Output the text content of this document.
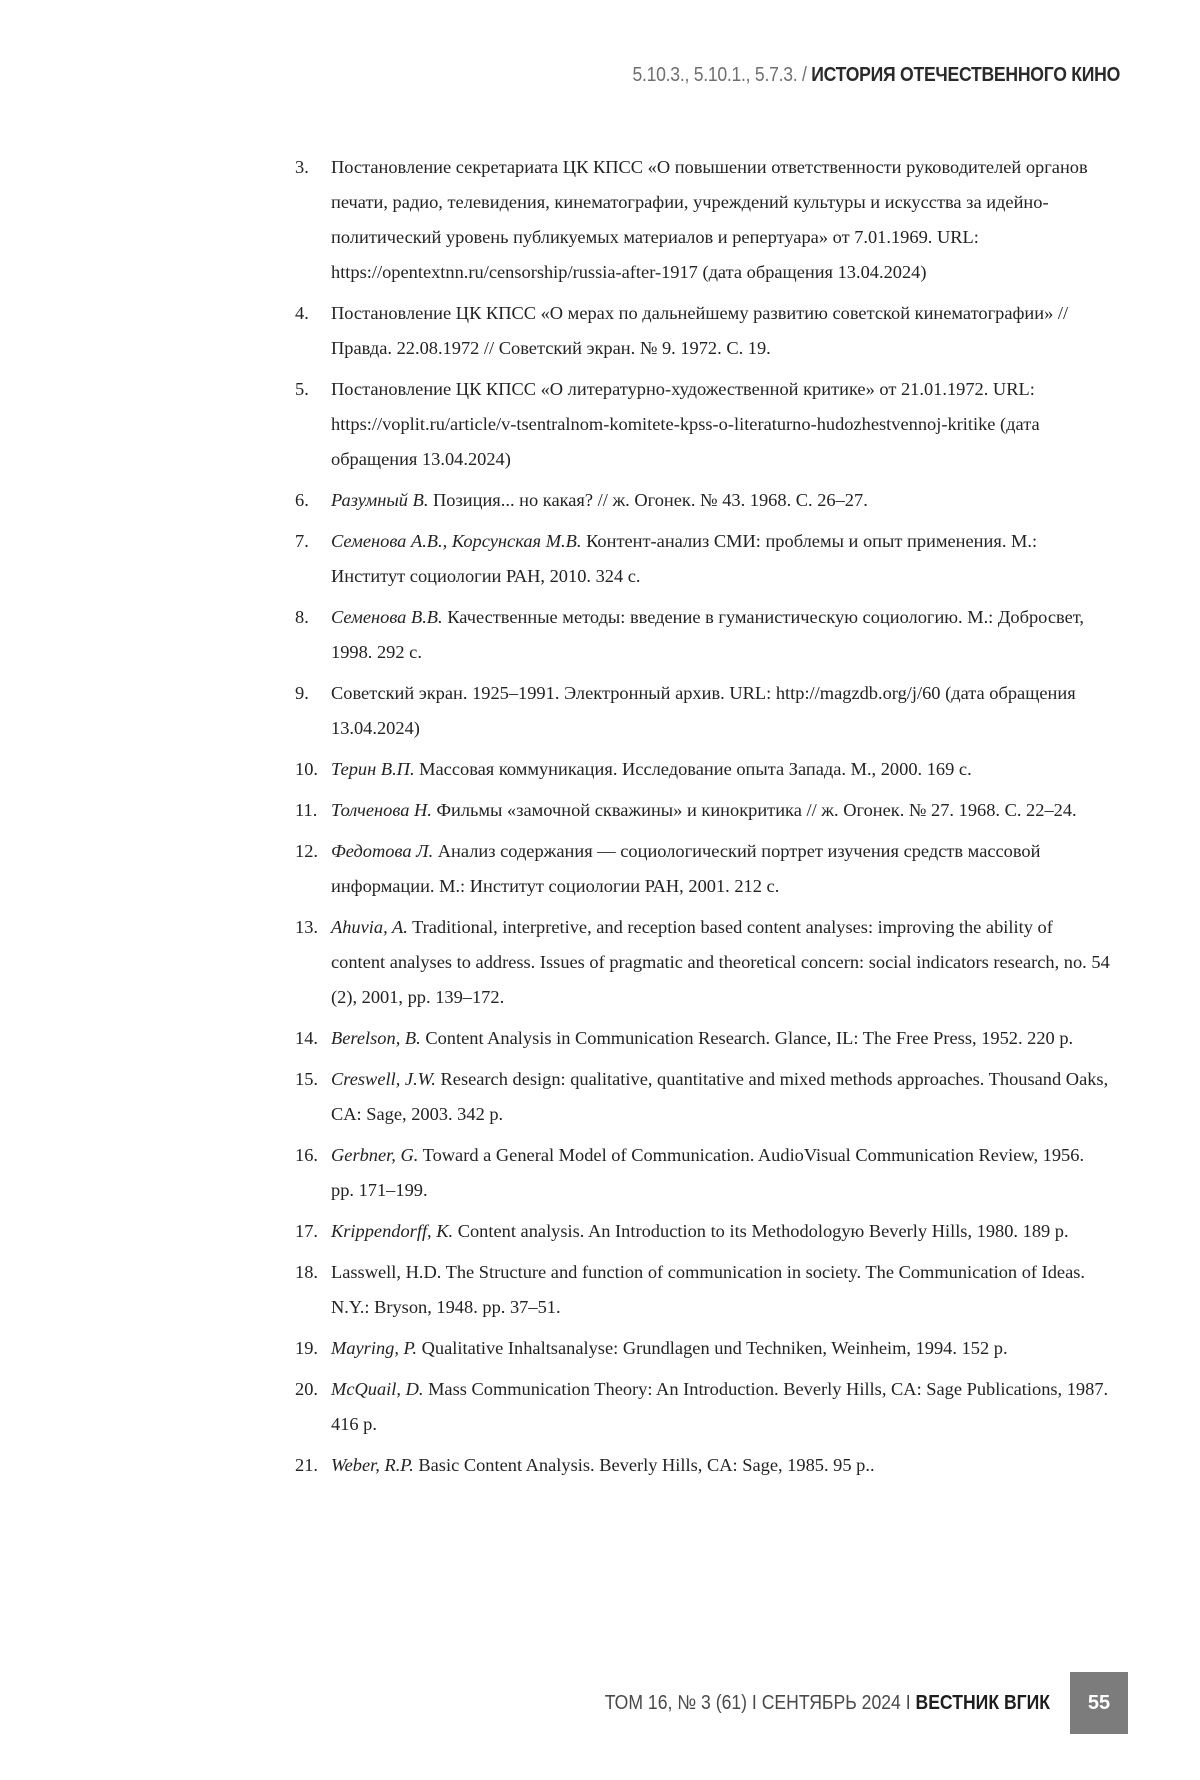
5.10.3., 5.10.1., 5.7.3. / ИСТОРИЯ ОТЕЧЕСТВЕННОГО КИНО
3.	Постановление секретариата ЦК КПСС «О повышении ответственности руководителей органов печати, радио, телевидения, кинематографии, учреждений культуры и искусства за идейно-политический уровень публикуемых материалов и репертуара» от 7.01.1969. URL: https://opentextnn.ru/censorship/russia-after-1917 (дата обращения 13.04.2024)
4.	Постановление ЦК КПСС «О мерах по дальнейшему развитию советской кинематографии» // Правда. 22.08.1972 // Советский экран. № 9. 1972. С. 19.
5.	Постановление ЦК КПСС «О литературно-художественной критике» от 21.01.1972. URL: https://voplit.ru/article/v-tsentralnom-komitete-kpss-o-literaturno-hudozhestvennoj-kritike (дата обращения 13.04.2024)
6.	Разумный В. Позиция... но какая? // ж. Огонек. № 43. 1968. С. 26–27.
7.	Семенова А.В., Корсунская М.В. Контент-анализ СМИ: проблемы и опыт применения. М.: Институт социологии РАН, 2010. 324 с.
8.	Семенова В.В. Качественные методы: введение в гуманистическую социологию. М.: Добросвет, 1998. 292 с.
9.	Советский экран. 1925–1991. Электронный архив. URL: http://magzdb.org/j/60 (дата обращения 13.04.2024)
10. Терин В.П. Массовая коммуникация. Исследование опыта Запада. М., 2000. 169 с.
11. Толченова Н. Фильмы «замочной скважины» и кинокритика // ж. Огонек. № 27. 1968. С. 22–24.
12. Федотова Л. Анализ содержания — социологический портрет изучения средств массовой информации. М.: Институт социологии РАН, 2001. 212 с.
13. Ahuvia, A. Traditional, interpretive, and reception based content analyses: improving the ability of content analyses to address. Issues of pragmatic and theoretical concern: social indicators research, no. 54 (2), 2001, pp. 139–172.
14. Berelson, B. Content Analysis in Communication Research. Glance, IL: The Free Press, 1952. 220 p.
15. Creswell, J.W. Research design: qualitative, quantitative and mixed methods approaches. Thousand Oaks, CA: Sage, 2003. 342 p.
16. Gerbner, G. Toward a General Model of Communication. AudioVisual Communication Review, 1956. pp. 171–199.
17. Krippendorff, K. Content analysis. An Introduction to its Methodologyю Beverly Hills, 1980. 189 p.
18. Lasswell, H.D. The Structure and function of communication in society. The Communication of Ideas. N.Y.: Bryson, 1948. pp. 37–51.
19. Mayring, P. Qualitative Inhaltsanalyse: Grundlagen und Techniken, Weinheim, 1994. 152 p.
20. McQuail, D. Mass Communication Theory: An Introduction. Beverly Hills, CA: Sage Publications, 1987. 416 p.
21. Weber, R.P. Basic Content Analysis. Beverly Hills, CA: Sage, 1985. 95 p..
ТОМ 16, № 3 (61) I СЕНТЯБРЬ 2024 I ВЕСТНИК ВГИК	55
